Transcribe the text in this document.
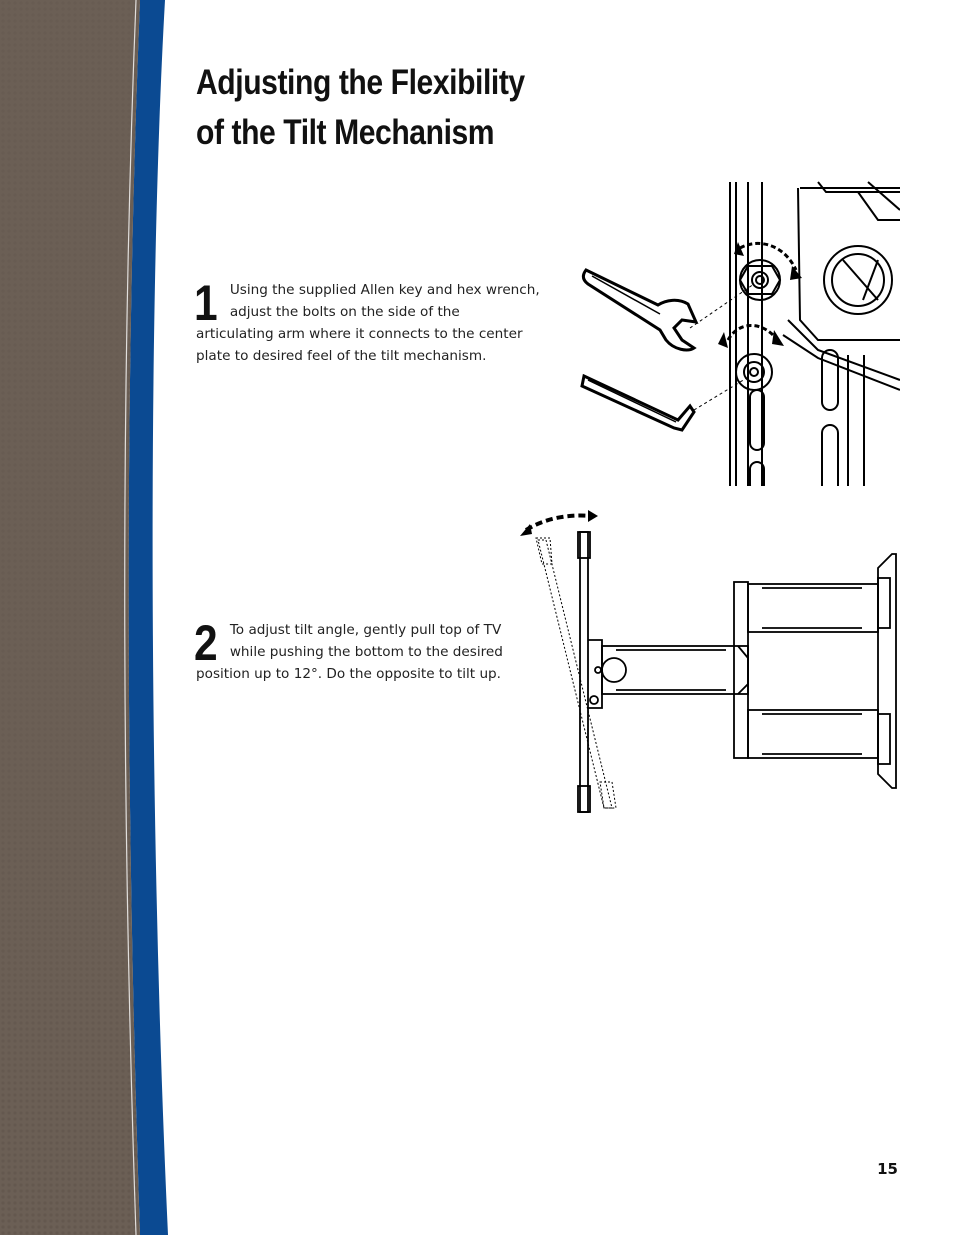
Adjusting the Flexibility
of the Tilt Mechanism
1 Using the supplied Allen key and hex wrench, adjust the bolts on the side of the articulating arm where it connects to the center plate to desired feel of the tilt mechanism.
2 To adjust tilt angle, gently pull top of TV while pushing the bottom to the desired position up to 12°. Do the opposite to tilt up.
15
